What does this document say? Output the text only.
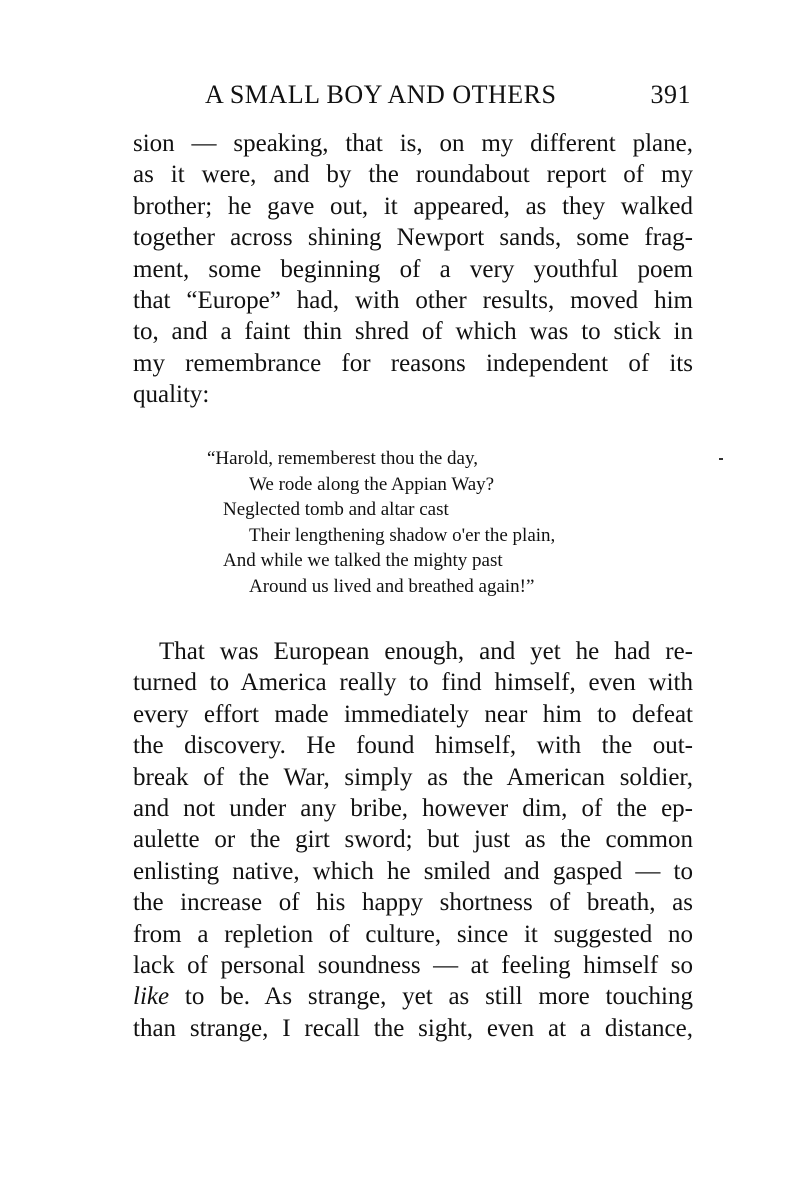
A SMALL BOY AND OTHERS	391
sion — speaking, that is, on my different plane,
as it were, and by the roundabout report of my
brother; he gave out, it appeared, as they walked
together across shining Newport sands, some frag-
ment, some beginning of a very youthful poem
that “Europe” had, with other results, moved him
to, and a faint thin shred of which was to stick in
my remembrance for reasons independent of its
quality:
“Harold, rememberest thou the day,
We rode along the Appian Way?
Neglected tomb and altar cast
Their lengthening shadow o'er the plain,
And while we talked the mighty past
Around us lived and breathed again!”
That was European enough, and yet he had re-
turned to America really to find himself, even with
every effort made immediately near him to defeat
the discovery. He found himself, with the out-
break of the War, simply as the American soldier,
and not under any bribe, however dim, of the ep-
aulette or the girt sword; but just as the common
enlisting native, which he smiled and gasped — to
the increase of his happy shortness of breath, as
from a repletion of culture, since it suggested no
lack of personal soundness — at feeling himself so
like to be. As strange, yet as still more touching
than strange, I recall the sight, even at a distance,
